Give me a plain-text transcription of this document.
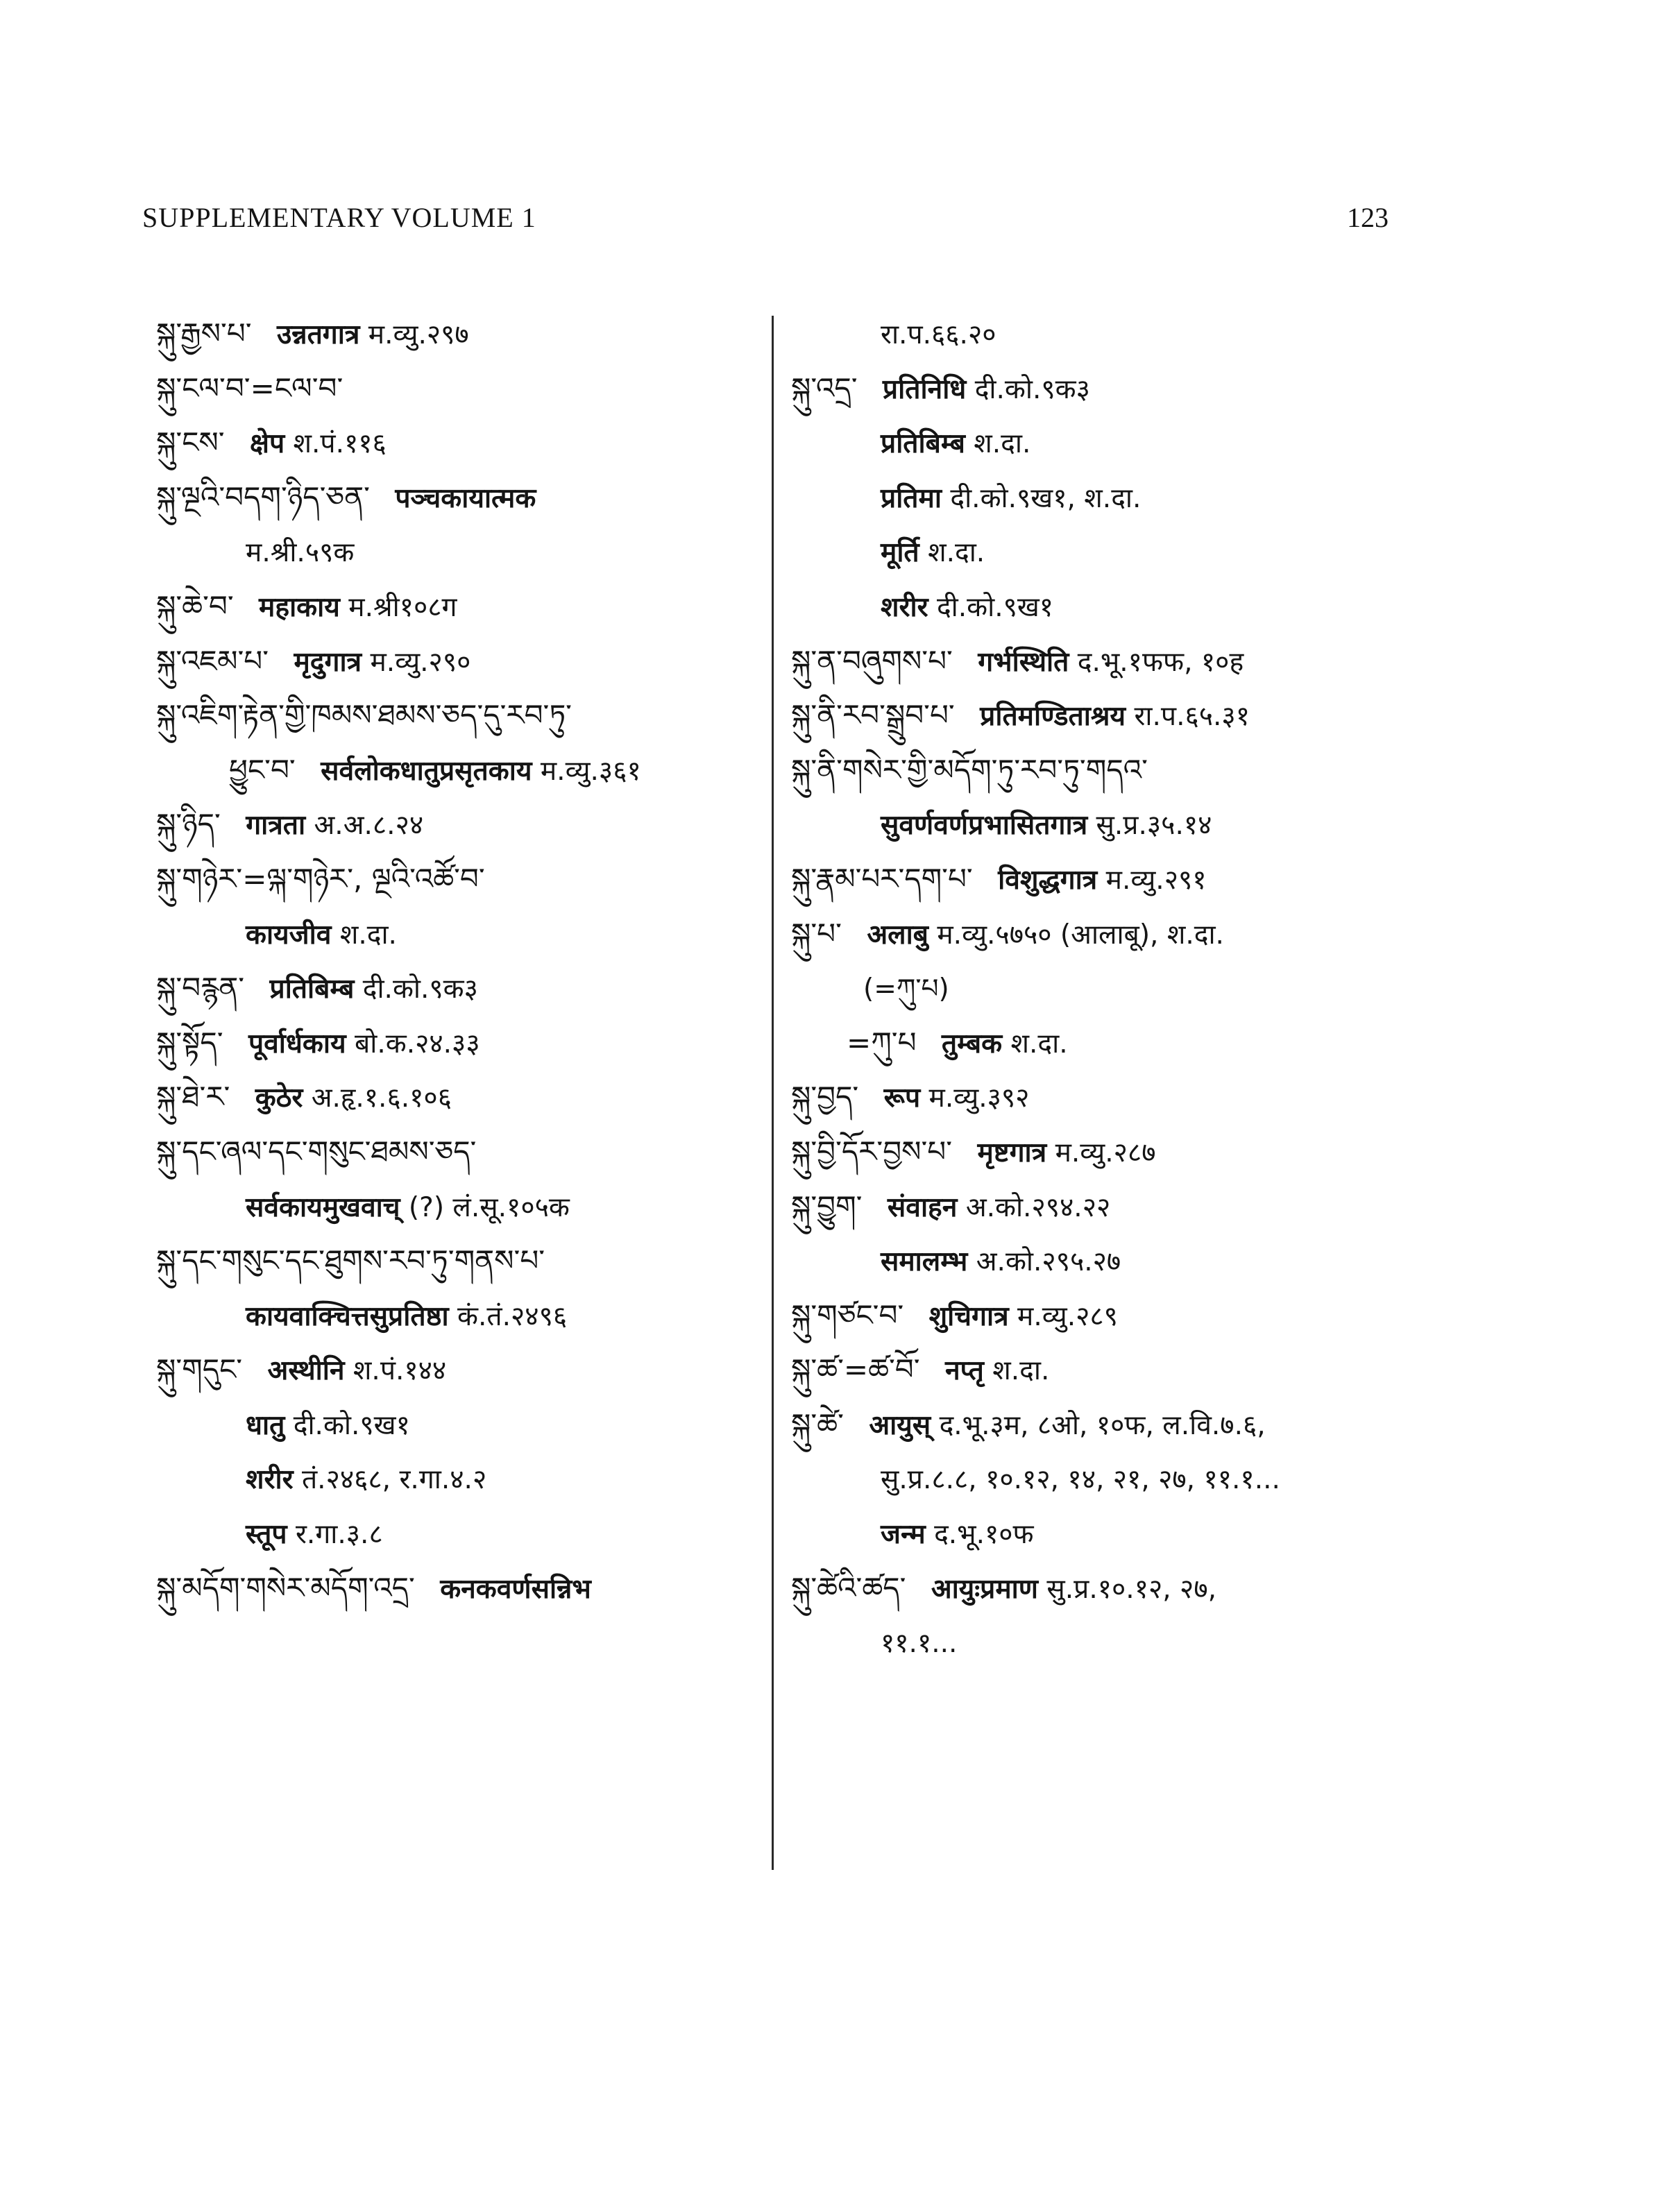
SUPPLEMENTARY VOLUME 1	123
སྐུ་རྒྱས་པ་ उन्नतगात्र म.व्यु.२९७
སྐུ་ངལ་བ་=ངལ་བ་
སྐུ་ངས་ क्षेप श.पं.११६
སྐུ་ལྔའི་བདག་ཉིད་ཅན་ पञ्चकायात्मक
म.श्री.५९क
སྐུ་ཆེ་བ་ महाकाय म.श्री१०८ग
སྐུ་འཇམ་པ་ मृदुगात्र म.व्यु.२९०
སྐུ་འཇིག་རྟེན་གྱི་ཁམས་ཐམས་ཅད་དུ་རབ་ཏུ་
ཕྱུང་བ་ सर्वलोकधातुप्रसृतकाय म.व्यु.३६१
སྐུ་ཉིད་ गात्रता अ.अ.८.२४
སྐུ་གཉེར་=ལྐ་གཉེར་, ལྔའི་འཚོ་བ་
कायजीव श.दा.
སྐུ་བརྙན་ प्रतिबिम्ब दी.को.९क३
སྐུ་སྟོད་ पूर्वार्धकाय बो.क.२४.३३
སྐུ་ཐེ་ར་ कुठेर अ.हृ.१.६.१०६
སྐུ་དང་ཞལ་དང་གསུང་ཐམས་ཅད་
सर्वकायमुखवाच् (?) लं.सू.१०५क
སྐུ་དང་གསུང་དང་ཐུགས་རབ་ཏུ་གནས་པ་
कायवाक्चित्तसुप्रतिष्ठा कं.तं.२४९६
སྐུ་གདུང་ अस्थीनि श.पं.१४४
धातु दी.को.९ख१
शरीर तं.२४६८, र.गा.४.२
स्तूप र.गा.३.८
སྐུ་མདོག་གསེར་མདོག་འདྲ་ कनकवर्णसन्निभ
रा.प.६६.२०
སྐུ་འདྲ་ प्रतिनिधि दी.को.९क३
प्रतिबिम्ब श.दा.
प्रतिमा दी.को.९ख१, श.दा.
मूर्ति श.दा.
शरीर दी.को.९ख१
སྐུ་ན་བཞུགས་པ་ गर्भस्थिति द.भू.१फफ, १०ह
སྐུ་ནི་རབ་སྒྲུབ་པ་ प्रतिमण्डिताश्रय रा.प.६५.३१
སྐུ་ནི་གསེར་གྱི་མདོག་ཏུ་རབ་ཏུ་གདའ་
सुवर्णवर्णप्रभासितगात्र सु.प्र.३५.१४
སྐུ་རྣམ་པར་དག་པ་ विशुद्धगात्र म.व्यु.२९१
སྐུ་པ་ अलाबु म.व्यु.५७५० (आलाबू), श.दा.
(=ཀུ་པ)
=ཀུ་པ तुम्बक श.दा.
སྐུ་བྱད་ रूप म.व्यु.३९२
སྐུ་བྱི་དོར་བྱས་པ་ मृष्टगात्र म.व्यु.२८७
སྐུ་བྱུག་ संवाहन अ.को.२९४.२२
समालम्भ अ.को.२९५.२७
སྐུ་གཙང་བ་ शुचिगात्र म.व्यु.२८९
སྐུ་ཚ་=ཚ་བོ་ नप्तृ श.दा.
སྐུ་ཚེ་ आयुस् द.भू.३म, ८ओ, १०फ, ल.वि.७.६,
सु.प्र.८.८, १०.१२, १४, २१, २७, ११.१...
जन्म द.भू.१०फ
སྐུ་ཚེའི་ཚད་ आयुःप्रमाण सु.प्र.१०.१२, २७,
११.१...
